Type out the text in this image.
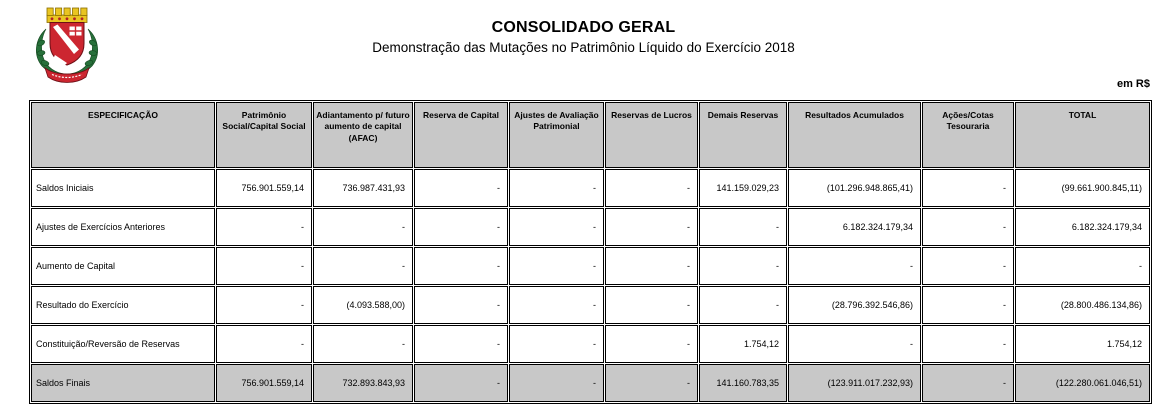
CONSOLIDADO GERAL
Demonstração das Mutações no Patrimônio Líquido do Exercício 2018
em R$
ESPECIFICAÇÃO	Patrimônio Social/Capital Social	Adiantamento p/ futuro aumento de capital (AFAC)	Reserva de Capital	Ajustes de Avaliação Patrimonial	Reservas de Lucros	Demais Reservas	Resultados Acumulados	Ações/Cotas Tesouraria	TOTAL
Saldos Iniciais	756.901.559,14	736.987.431,93	-	-	-	141.159.029,23	(101.296.948.865,41)	-	(99.661.900.845,11)
Ajustes de Exercícios Anteriores	-	-	-	-	-	-	6.182.324.179,34	-	6.182.324.179,34
Aumento de Capital	-	-	-	-	-	-	-	-	-
Resultado do Exercício	-	(4.093.588,00)	-	-	-	-	(28.796.392.546,86)	-	(28.800.486.134,86)
Constituição/Reversão de Reservas	-	-	-	-	-	1.754,12	-	-	1.754,12
Saldos Finais	756.901.559,14	732.893.843,93	-	-	-	141.160.783,35	(123.911.017.232,93)	-	(122.280.061.046,51)
